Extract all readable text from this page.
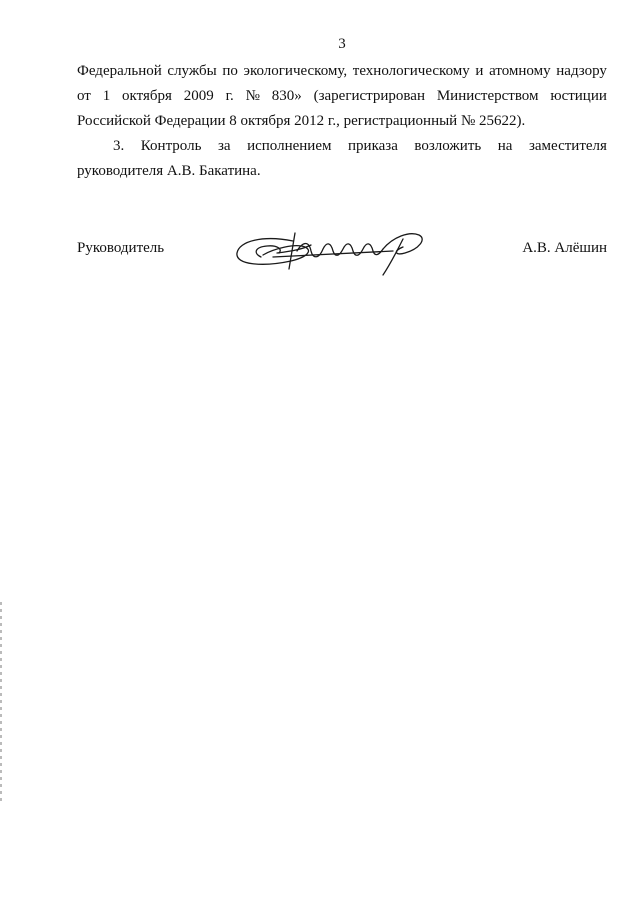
3
Федеральной службы по экологическому, технологическому и атомному надзору
от 1 октября 2009 г. № 830» (зарегистрирован Министерством юстиции
Российской Федерации 8 октября 2012 г., регистрационный № 25622).
3. Контроль за исполнением приказа возложить на заместителя
руководителя А.В. Бакатина.
Руководитель	А.В. Алёшин
